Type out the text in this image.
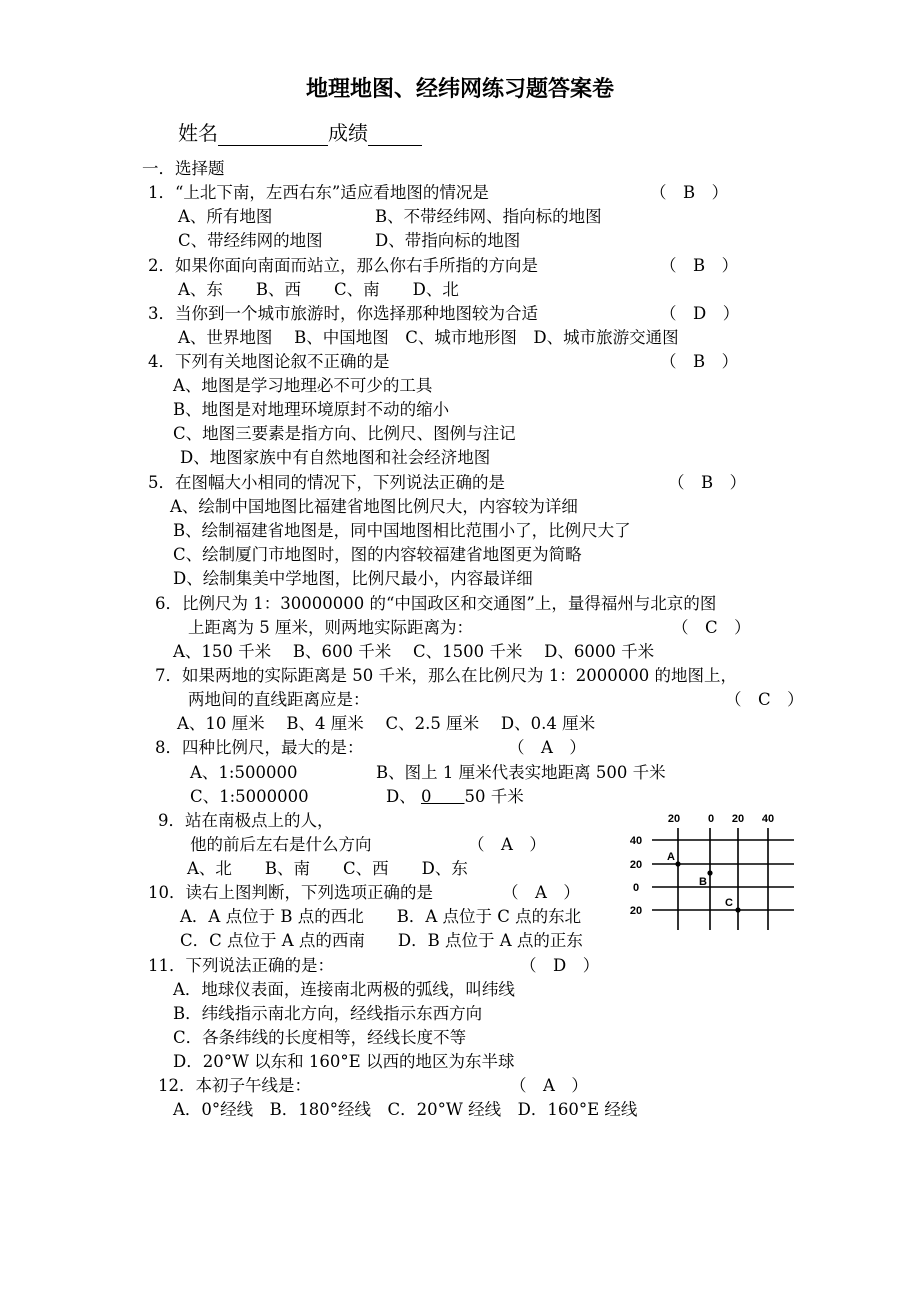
地理地图、经纬网练习题答案卷
姓名	成绩
一．选择题
1．“上北下南，左西右东”适应看地图的情况是	（　B　）
A、所有地图	B、不带经纬网、指向标的地图
C、带经纬网的地图	D、带指向标的地图
2．如果你面向南面而站立，那么你右手所指的方向是	（　B　）
A、东　　B、西　　C、南　　D、北
3．当你到一个城市旅游时，你选择那种地图较为合适	（　D　）
A、世界地图　 B、中国地图　C、城市地形图　D、城市旅游交通图
4．下列有关地图论叙不正确的是	（　B　）
A、地图是学习地理必不可少的工具
B、地图是对地理环境原封不动的缩小
C、地图三要素是指方向、比例尺、图例与注记
D、地图家族中有自然地图和社会经济地图
5．在图幅大小相同的情况下，下列说法正确的是	（　B　）
A、绘制中国地图比福建省地图比例尺大，内容较为详细
B、绘制福建省地图是，同中国地图相比范围小了，比例尺大了
C、绘制厦门市地图时，图的内容较福建省地图更为简略
D、绘制集美中学地图，比例尺最小，内容最详细
6．比例尺为 1：30000000 的“中国政区和交通图”上，量得福州与北京的图
上距离为 5 厘米，则两地实际距离为：	（　C　）
A、150 千米　 B、600 千米　 C、1500 千米　 D、6000 千米
7．如果两地的实际距离是 50 千米，那么在比例尺为 1：2000000 的地图上，
两地间的直线距离应是：	（　C　）
A、10 厘米　 B、4 厘米　 C、2.5 厘米　 D、0.4 厘米
8．四种比例尺，最大的是：	（　A　）
A、1:500000	B、图上 1 厘米代表实地距离 500 千米
C、1:5000000	D、 0　　 50 千米
9．站在南极点上的人，
他的前后左右是什么方向	（　A　）
A、北　　B、南　　C、西　　D、东
10．读右上图判断，下列选项正确的是	（　A　）
A．A 点位于 B 点的西北　　B．A 点位于 C 点的东北
C．C 点位于 A 点的西南　　D．B 点位于 A 点的正东
11．下列说法正确的是：	（　D　）
A．地球仪表面，连接南北两极的弧线，叫纬线
B．纬线指示南北方向，经线指示东西方向
C．各条纬线的长度相等，经线长度不等
D．20°W 以东和 160°E 以西的地区为东半球
12．本初子午线是：	（　A　）
A．0°经线　B．180°经线　C．20°W 经线　D．160°E 经线
20	0 20 40
40
20
0
20
A
B
C
